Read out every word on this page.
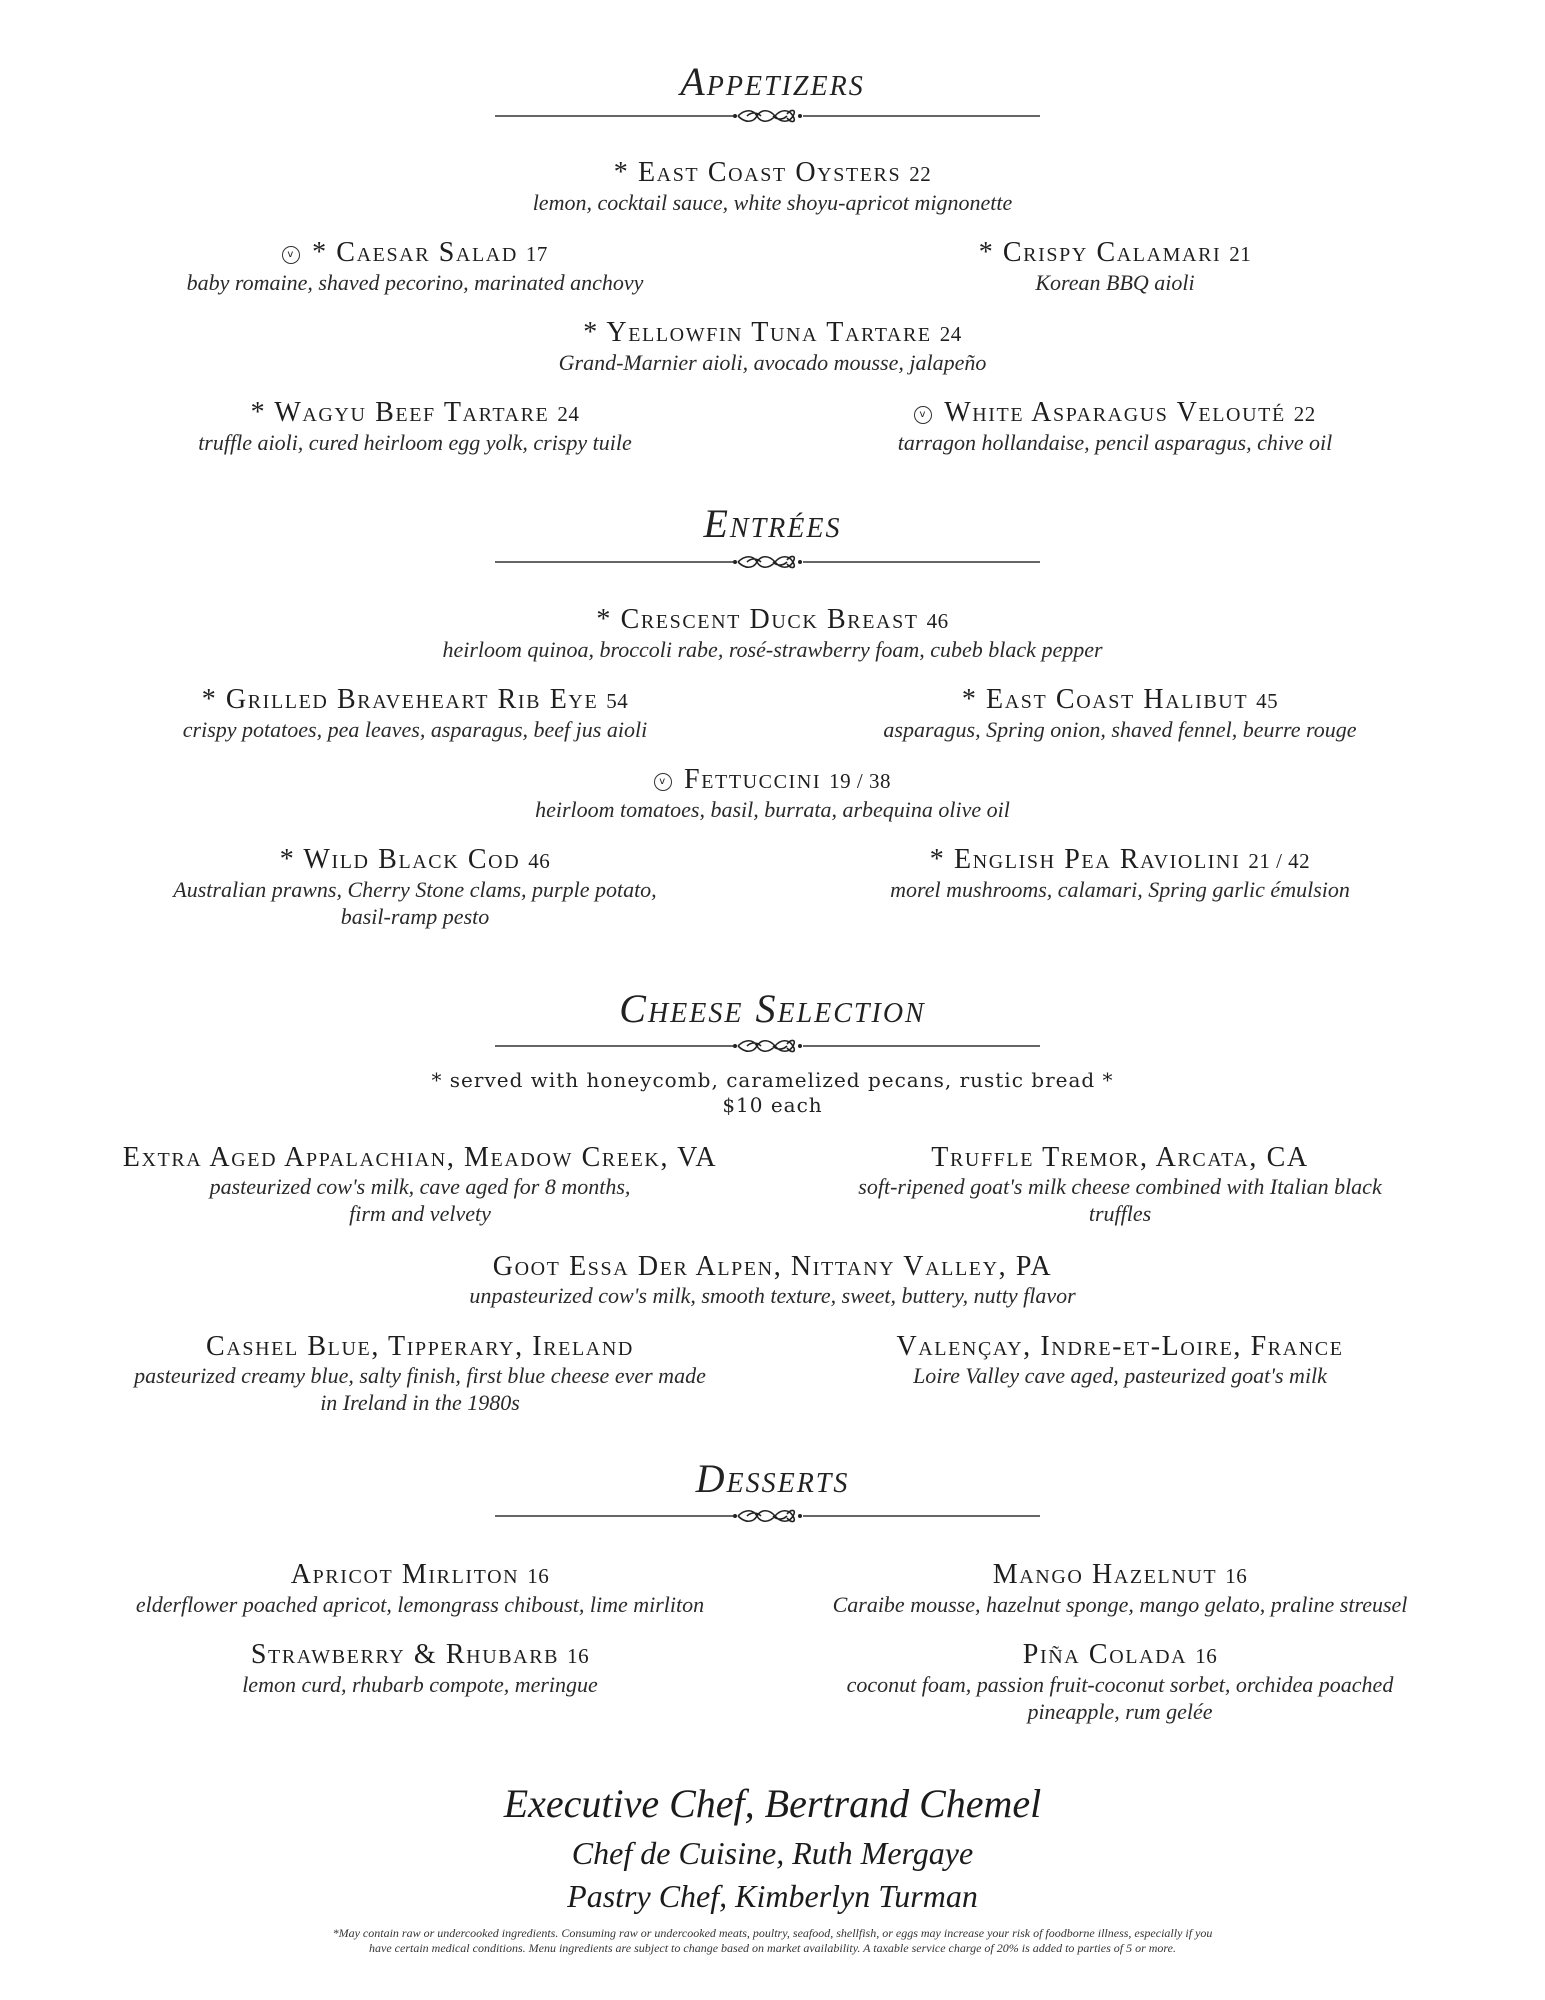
Appetizers
* East Coast Oysters 22
lemon, cocktail sauce, white shoyu-apricot mignonette
v * Caesar Salad 17
baby romaine, shaved pecorino, marinated anchovy
* Crispy Calamari 21
Korean BBQ aioli
* Yellowfin Tuna Tartare 24
Grand-Marnier aioli, avocado mousse, jalapeño
* Wagyu Beef Tartare 24
truffle aioli, cured heirloom egg yolk, crispy tuile
v White Asparagus Velouté 22
tarragon hollandaise, pencil asparagus, chive oil
Entrées
* Crescent Duck Breast 46
heirloom quinoa, broccoli rabe, rosé-strawberry foam, cubeb black pepper
* Grilled Braveheart Rib Eye 54
crispy potatoes, pea leaves, asparagus, beef jus aioli
* East Coast Halibut 45
asparagus, Spring onion, shaved fennel, beurre rouge
v Fettuccini 19 / 38
heirloom tomatoes, basil, burrata, arbequina olive oil
* Wild Black Cod 46
Australian prawns, Cherry Stone clams, purple potato,
basil-ramp pesto
* English Pea Raviolini 21 / 42
morel mushrooms, calamari, Spring garlic émulsion
Cheese Selection
* served with honeycomb, caramelized pecans, rustic bread *
$10 each
Extra Aged Appalachian, Meadow Creek, VA
pasteurized cow's milk, cave aged for 8 months,
firm and velvety
Truffle Tremor, Arcata, CA
soft-ripened goat's milk cheese combined with Italian black
truffles
Goot Essa Der Alpen, Nittany Valley, PA
unpasteurized cow's milk, smooth texture, sweet, buttery, nutty flavor
Cashel Blue, Tipperary, Ireland
pasteurized creamy blue, salty finish, first blue cheese ever made
in Ireland in the 1980s
Valençay, Indre-et-Loire, France
Loire Valley cave aged, pasteurized goat's milk
Desserts
Apricot Mirliton 16
elderflower poached apricot, lemongrass chiboust, lime mirliton
Mango Hazelnut 16
Caraibe mousse, hazelnut sponge, mango gelato, praline streusel
Strawberry & Rhubarb 16
lemon curd, rhubarb compote, meringue
Piña Colada 16
coconut foam, passion fruit-coconut sorbet, orchidea poached
pineapple, rum gelée
Executive Chef, Bertrand Chemel
Chef de Cuisine, Ruth Mergaye
Pastry Chef, Kimberlyn Turman
*May contain raw or undercooked ingredients. Consuming raw or undercooked meats, poultry, seafood, shellfish, or eggs may increase your risk of foodborne illness, especially if you
have certain medical conditions. Menu ingredients are subject to change based on market availability. A taxable service charge of 20% is added to parties of 5 or more.
